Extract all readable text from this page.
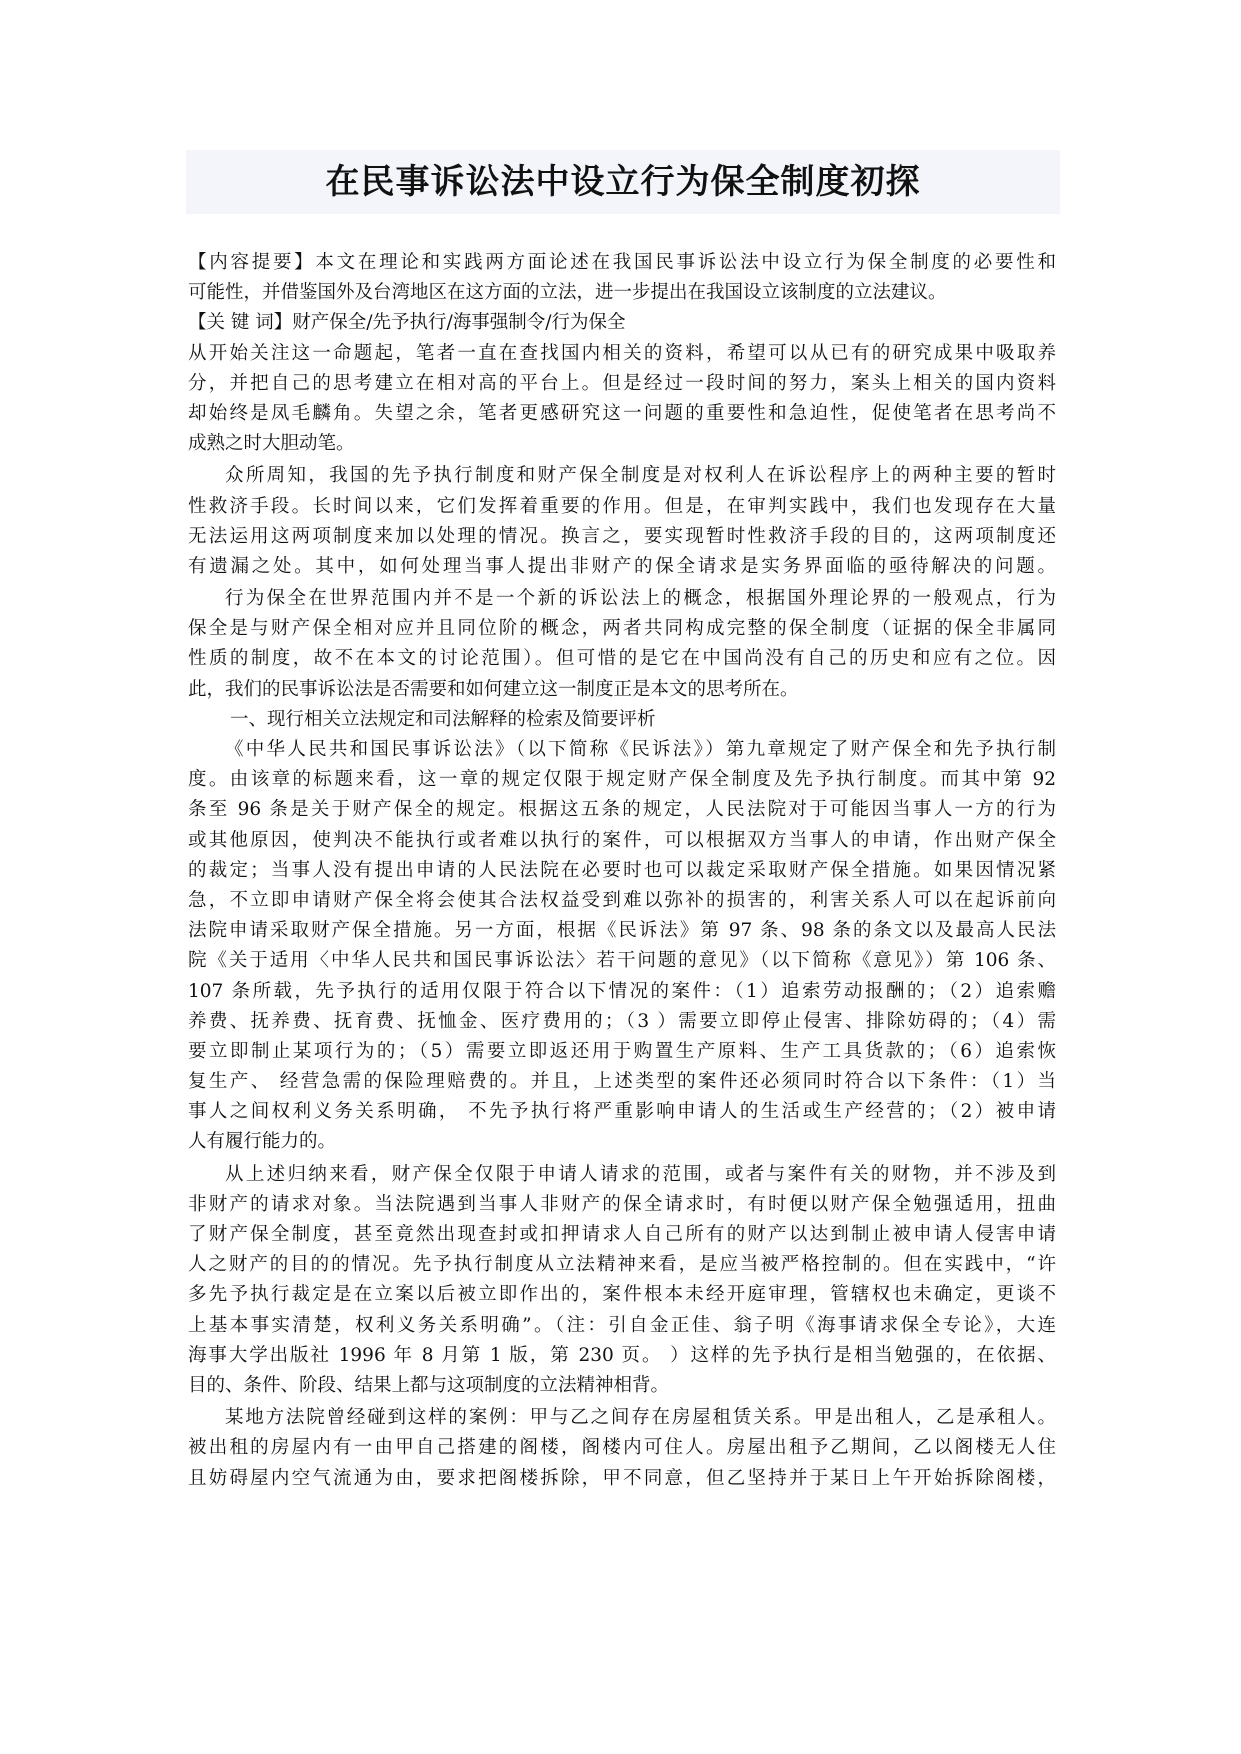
在民事诉讼法中设立行为保全制度初探
【内容提要】本文在理论和实践两方面论述在我国民事诉讼法中设立行为保全制度的必要性和
可能性，并借鉴国外及台湾地区在这方面的立法，进一步提出在我国设立该制度的立法建议。
【关 键 词】财产保全/先予执行/海事强制令/行为保全
从开始关注这一命题起，笔者一直在查找国内相关的资料，希望可以从已有的研究成果中吸取养
分，并把自己的思考建立在相对高的平台上。但是经过一段时间的努力，案头上相关的国内资料
却始终是凤毛麟角。失望之余，笔者更感研究这一问题的重要性和急迫性，促使笔者在思考尚不
成熟之时大胆动笔。
众所周知，我国的先予执行制度和财产保全制度是对权利人在诉讼程序上的两种主要的暂时
性救济手段。长时间以来，它们发挥着重要的作用。但是，在审判实践中，我们也发现存在大量
无法运用这两项制度来加以处理的情况。换言之，要实现暂时性救济手段的目的，这两项制度还
有遗漏之处。其中，如何处理当事人提出非财产的保全请求是实务界面临的亟待解决的问题。
行为保全在世界范围内并不是一个新的诉讼法上的概念，根据国外理论界的一般观点，行为
保全是与财产保全相对应并且同位阶的概念，两者共同构成完整的保全制度（证据的保全非属同
性质的制度，故不在本文的讨论范围）。但可惜的是它在中国尚没有自己的历史和应有之位。因
此，我们的民事诉讼法是否需要和如何建立这一制度正是本文的思考所在。
一、现行相关立法规定和司法解释的检索及简要评析
《中华人民共和国民事诉讼法》（以下简称《民诉法》）第九章规定了财产保全和先予执行制
度。由该章的标题来看，这一章的规定仅限于规定财产保全制度及先予执行制度。而其中第 92
条至 96 条是关于财产保全的规定。根据这五条的规定，人民法院对于可能因当事人一方的行为
或其他原因，使判决不能执行或者难以执行的案件，可以根据双方当事人的申请，作出财产保全
的裁定；当事人没有提出申请的人民法院在必要时也可以裁定采取财产保全措施。如果因情况紧
急，不立即申请财产保全将会使其合法权益受到难以弥补的损害的，利害关系人可以在起诉前向
法院申请采取财产保全措施。另一方面，根据《民诉法》第 97 条、98 条的条文以及最高人民法
院《关于适用〈中华人民共和国民事诉讼法〉若干问题的意见》（以下简称《意见》）第 106 条、
107 条所载，先予执行的适用仅限于符合以下情况的案件：（1）追索劳动报酬的；（2）追索赡
养费、抚养费、抚育费、抚恤金、医疗费用的；（3 ）需要立即停止侵害、排除妨碍的；（4）需
要立即制止某项行为的；（5）需要立即返还用于购置生产原料、生产工具货款的；（6）追索恢
复生产、 经营急需的保险理赔费的。并且，上述类型的案件还必须同时符合以下条件：（1）当
事人之间权利义务关系明确， 不先予执行将严重影响申请人的生活或生产经营的；（2）被申请
人有履行能力的。
从上述归纳来看，财产保全仅限于申请人请求的范围，或者与案件有关的财物，并不涉及到
非财产的请求对象。当法院遇到当事人非财产的保全请求时，有时便以财产保全勉强适用，扭曲
了财产保全制度，甚至竟然出现查封或扣押请求人自己所有的财产以达到制止被申请人侵害申请
人之财产的目的的情况。先予执行制度从立法精神来看，是应当被严格控制的。但在实践中，“许
多先予执行裁定是在立案以后被立即作出的，案件根本未经开庭审理，管辖权也未确定，更谈不
上基本事实清楚，权利义务关系明确”。（注：引自金正佳、翁子明《海事请求保全专论》，大连
海事大学出版社 1996 年 8 月第 1 版，第 230 页。 ）这样的先予执行是相当勉强的，在依据、
目的、条件、阶段、结果上都与这项制度的立法精神相背。
某地方法院曾经碰到这样的案例：甲与乙之间存在房屋租赁关系。甲是出租人，乙是承租人。
被出租的房屋内有一由甲自己搭建的阁楼，阁楼内可住人。房屋出租予乙期间，乙以阁楼无人住
且妨碍屋内空气流通为由，要求把阁楼拆除，甲不同意，但乙坚持并于某日上午开始拆除阁楼，
